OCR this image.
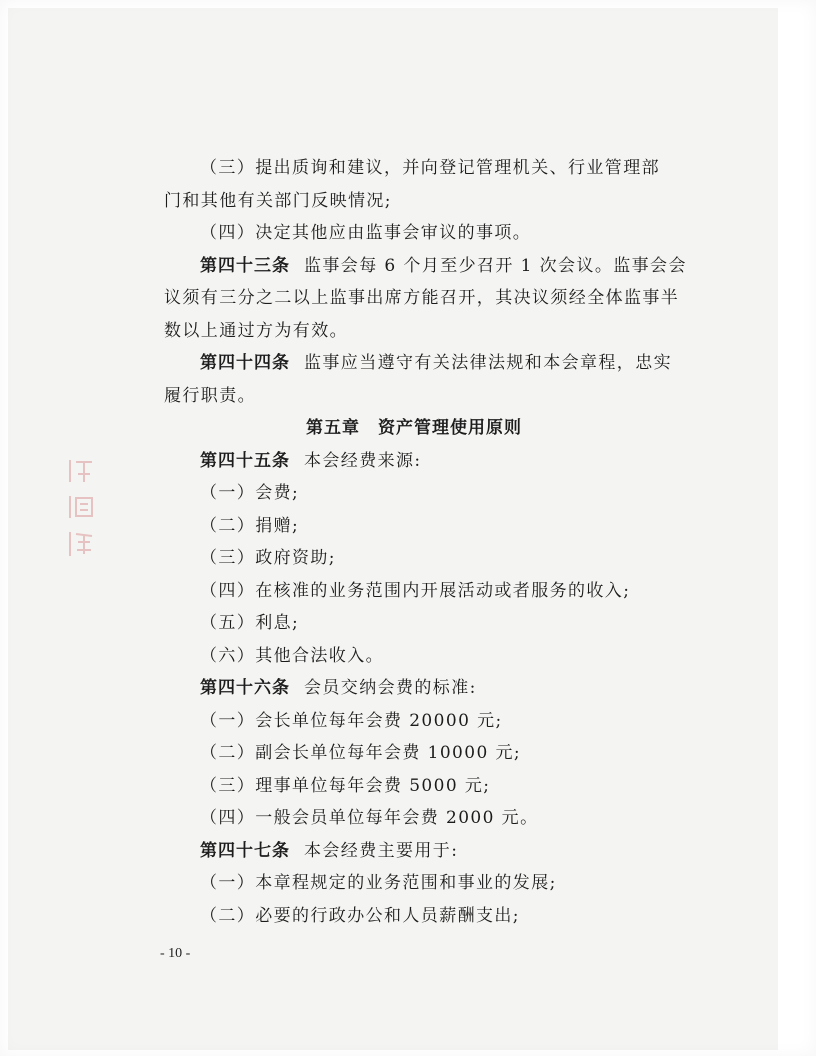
（三）提出质询和建议，并向登记管理机关、行业管理部
门和其他有关部门反映情况;
（四）决定其他应由监事会审议的事项。
第四十三条 监事会每 6 个月至少召开 1 次会议。监事会会
议须有三分之二以上监事出席方能召开，其决议须经全体监事半
数以上通过方为有效。
第四十四条 监事应当遵守有关法律法规和本会章程，忠实
履行职责。
第五章　资产管理使用原则
第四十五条 本会经费来源:
（一）会费;
（二）捐赠;
（三）政府资助;
（四）在核准的业务范围内开展活动或者服务的收入;
（五）利息;
（六）其他合法收入。
第四十六条 会员交纳会费的标准:
（一）会长单位每年会费 20000 元;
（二）副会长单位每年会费 10000 元;
（三）理事单位每年会费 5000 元;
（四）一般会员单位每年会费 2000 元。
第四十七条 本会经费主要用于:
（一）本章程规定的业务范围和事业的发展;
（二）必要的行政办公和人员薪酬支出;
- 10 -
